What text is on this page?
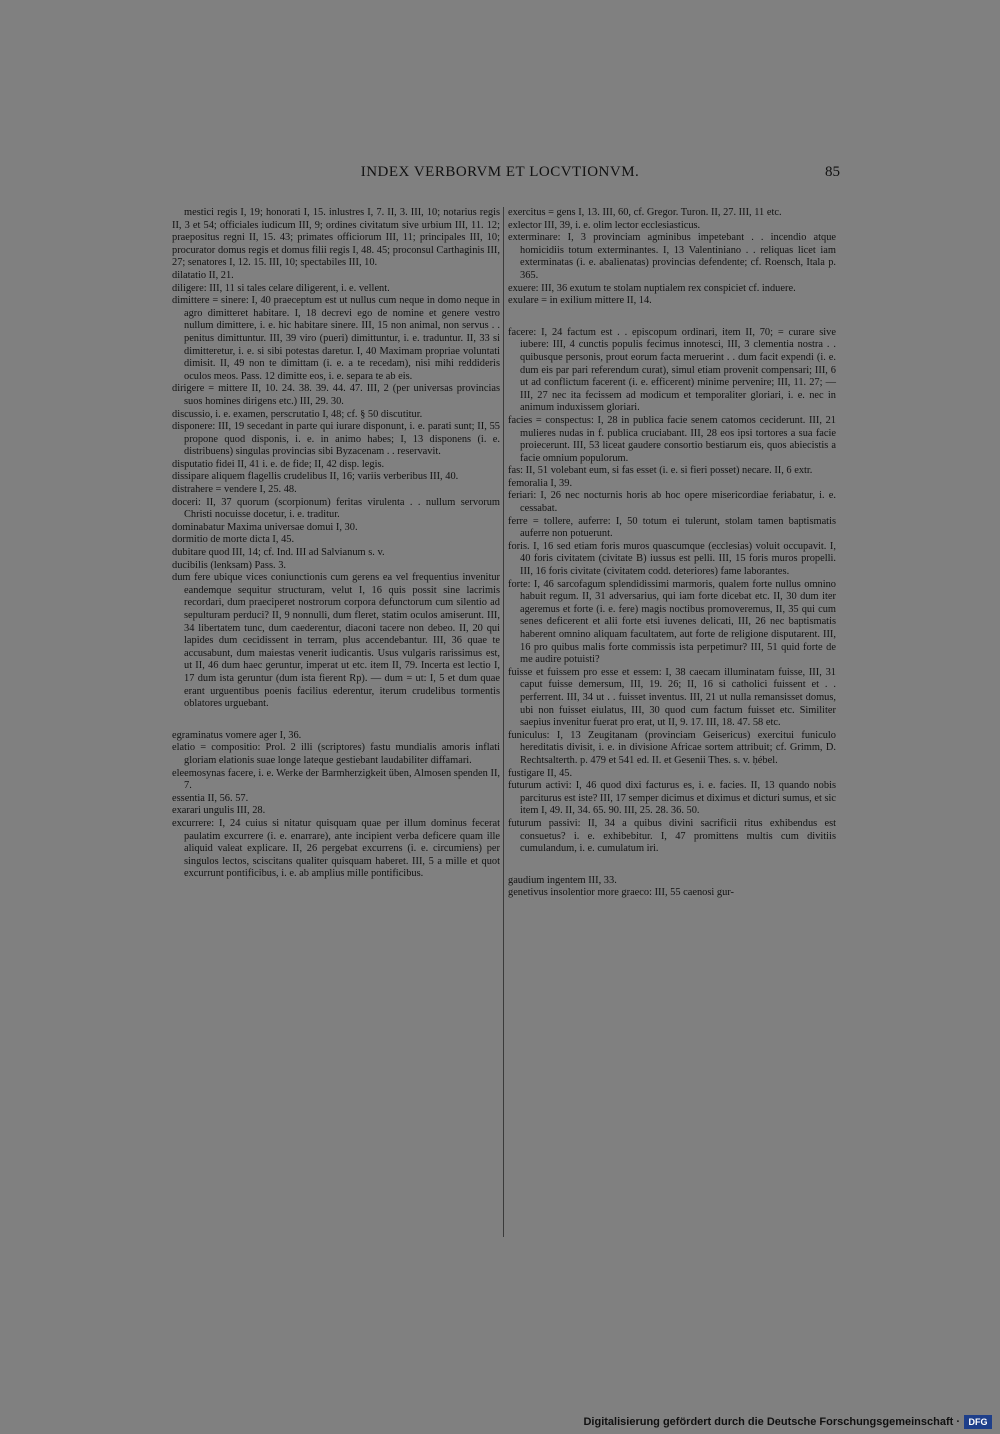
INDEX VERBORVM ET LOCVTIONVM.	85

mestici regis I, 19; honorati I, 15. inlustres I, 7. II, 3. III, 10; notarius regis II, 3 et 54; officiales iudicum III, 9; ordines civitatum sive urbium III, 11. 12; praepositus regni II, 15. 43; primates officiorum III, 11; principales III, 10; procurator domus regis et domus filii regis I, 48. 45; proconsul Carthaginis III, 27; senatores I, 12. 15. III, 10; spectabiles III, 10.

dilatatio II, 21.

diligere: III, 11 si tales celare diligerent, i. e. vellent.

dimittere = sinere: I, 40 praeceptum est ut nullus cum neque in domo neque in agro dimitteret habitare. I, 18 decrevi ego de nomine et genere vestro nullum dimittere, i. e. hic habitare sinere. III, 15 non animal, non servus . . penitus dimittuntur. III, 39 viro (pueri) dimittuntur, i. e. traduntur. II, 33 si dimitteretur, i. e. si sibi potestas daretur. I, 40 Maximam propriae voluntati dimisit. II, 49 non te dimittam (i. e. a te recedam), nisi mihi reddideris oculos meos. Pass. 12 dimitte eos, i. e. separa te ab eis.

dirigere = mittere II, 10. 24. 38. 39. 44. 47. III, 2 (per universas provincias suos homines dirigens etc.) III, 29. 30.

discussio, i. e. examen, perscrutatio I, 48; cf. § 50 discutitur.

disponere: III, 19 secedant in parte qui iurare disponunt, i. e. parati sunt; II, 55 propone quod disponis, i. e. in animo habes; I, 13 disponens (i. e. distribuens) singulas provincias sibi Byzacenam . . reservavit.

disputatio fidei II, 41 i. e. de fide; II, 42 disp. legis.

dissipare aliquem flagellis crudelibus II, 16; variis verberibus III, 40.

distrahere = vendere I, 25. 48.

doceri: II, 37 quorum (scorpionum) feritas virulenta . . nullum servorum Christi nocuisse docetur, i. e. traditur.

dominabatur Maxima universae domui I, 30.

dormitio de morte dicta I, 45.

dubitare quod III, 14; cf. Ind. III ad Salvianum s. v.

ducibilis (lenksam) Pass. 3.

dum fere ubique vices coniunctionis cum gerens ea vel frequentius invenitur eandemque sequitur structuram, velut I, 16 quis possit sine lacrimis recordari, dum praeciperet nostrorum corpora defunctorum cum silentio ad sepulturam perduci? II, 9 nonnulli, dum fleret, statim oculos amiserunt. III, 34 libertatem tunc, dum caederentur, diaconi tacere non debeo. II, 20 qui lapides dum cecidissent in terram, plus accendebantur. III, 36 quae te accusabunt, dum maiestas venerit iudicantis. Usus vulgaris rarissimus est, ut II, 46 dum haec geruntur, imperat ut etc. item II, 79. Incerta est lectio I, 17 dum ista geruntur (dum ista fierent Rp). — dum = ut: I, 5 et dum quae erant urguentibus poenis facilius ederentur, iterum crudelibus tormentis oblatores urguebant.

egraminatus vomere ager I, 36.

elatio = compositio: Prol. 2 illi (scriptores) fastu mundialis amoris inflati gloriam elationis suae longe lateque gestiebant laudabiliter diffamari.

eleemosynas facere, i. e. Werke der Barmherzigkeit üben, Almosen spenden II, 7.

essentia II, 56. 57.

exarari ungulis III, 28.

excurrere: I, 24 cuius si nitatur quisquam quae per illum dominus fecerat paulatim excurrere (i. e. enarrare), ante incipient verba deficere quam ille aliquid valeat explicare. II, 26 pergebat excurrens (i. e. circumiens) per singulos lectos, sciscitans qualiter quisquam haberet. III, 5 a mille et quot excurrunt pontificibus, i. e. ab amplius mille pontificibus.

exercitus = gens I, 13. III, 60, cf. Gregor. Turon. II, 27. III, 11 etc.

exlector III, 39, i. e. olim lector ecclesiasticus.

exterminare: I, 3 provinciam agminibus impetebant . . incendio atque homicidiis totum exterminantes. I, 13 Valentiniano . . reliquas licet iam exterminatas (i. e. abalienatas) provincias defendente; cf. Roensch, Itala p. 365.

exuere: III, 36 exutum te stolam nuptialem rex conspiciet cf. induere.

exulare = in exilium mittere II, 14.

facere: I, 24 factum est . . episcopum ordinari, item II, 70; = curare sive iubere: III, 4 cunctis populis fecimus innotesci, III, 3 clementia nostra . . quibusque personis, prout eorum facta meruerint . . dum facit expendi (i. e. dum eis par pari referendum curat), simul etiam provenit compensari; III, 6 ut ad conflictum facerent (i. e. efficerent) minime pervenire; III, 11. 27; — III, 27 nec ita fecissem ad modicum et temporaliter gloriari, i. e. nec in animum induxissem gloriari.

facies = conspectus: I, 28 in publica facie senem catomos ceciderunt. III, 21 mulieres nudas in f. publica cruciabant. III, 28 eos ipsi tortores a sua facie proiecerunt. III, 53 liceat gaudere consortio bestiarum eis, quos abiecistis a facie omnium populorum.

fas: II, 51 volebant eum, si fas esset (i. e. si fieri posset) necare. II, 6 extr.

femoralia I, 39.

feriari: I, 26 nec nocturnis horis ab hoc opere misericordiae feriabatur, i. e. cessabat.

ferre = tollere, auferre: I, 50 totum ei tulerunt, stolam tamen baptismatis auferre non potuerunt.

foris. I, 16 sed etiam foris muros quascumque (ecclesias) voluit occupavit. I, 40 foris civitatem (civitate B) iussus est pelli. III, 15 foris muros propelli. III, 16 foris civitate (civitatem codd. deteriores) fame laborantes.

forte: I, 46 sarcofagum splendidissimi marmoris, qualem forte nullus omnino habuit regum. II, 31 adversarius, qui iam forte dicebat etc. II, 30 dum iter ageremus et forte (i. e. fere) magis noctibus promoveremus, II, 35 qui cum senes deficerent et alii forte etsi iuvenes delicati, III, 26 nec baptismatis haberent omnino aliquam facultatem, aut forte de religione disputarent. III, 16 pro quibus malis forte commissis ista perpetimur? III, 51 quid forte de me audire potuisti?

fuisse et fuissem pro esse et essem: I, 38 caecam illuminatam fuisse, III, 31 caput fuisse demersum, III, 19. 26; II, 16 si catholici fuissent et . . perferrent. III, 34 ut . . fuisset inventus. III, 21 ut nulla remansisset domus, ubi non fuisset eiulatus, III, 30 quod cum factum fuisset etc. Similiter saepius invenitur fuerat pro erat, ut II, 9. 17. III, 18. 47. 58 etc.

funiculus: I, 13 Zeugitanam (provinciam Geisericus) exercitui funiculo hereditatis divisit, i. e. in divisione Africae sortem attribuit; cf. Grimm, D. Rechtsalterth. p. 479 et 541 ed. II. et Gesenii Thes. s. v. ḥébel.

fustigare II, 45.

futurum activi: I, 46 quod dixi facturus es, i. e. facies. II, 13 quando nobis parciturus est iste? III, 17 semper dicimus et diximus et dicturi sumus, et sic item I, 49. II, 34. 65. 90. III, 25. 28. 36. 50.

futurum passivi: II, 34 a quibus divini sacrificii ritus exhibendus est consuetus? i. e. exhibebitur. I, 47 promittens multis cum divitiis cumulandum, i. e. cumulatum iri.

gaudium ingentem III, 33.

genetivus insolentior more graeco: III, 55 caenosi gur-

Digitalisierung gefördert durch die Deutsche Forschungsgemeinschaft · DFG
